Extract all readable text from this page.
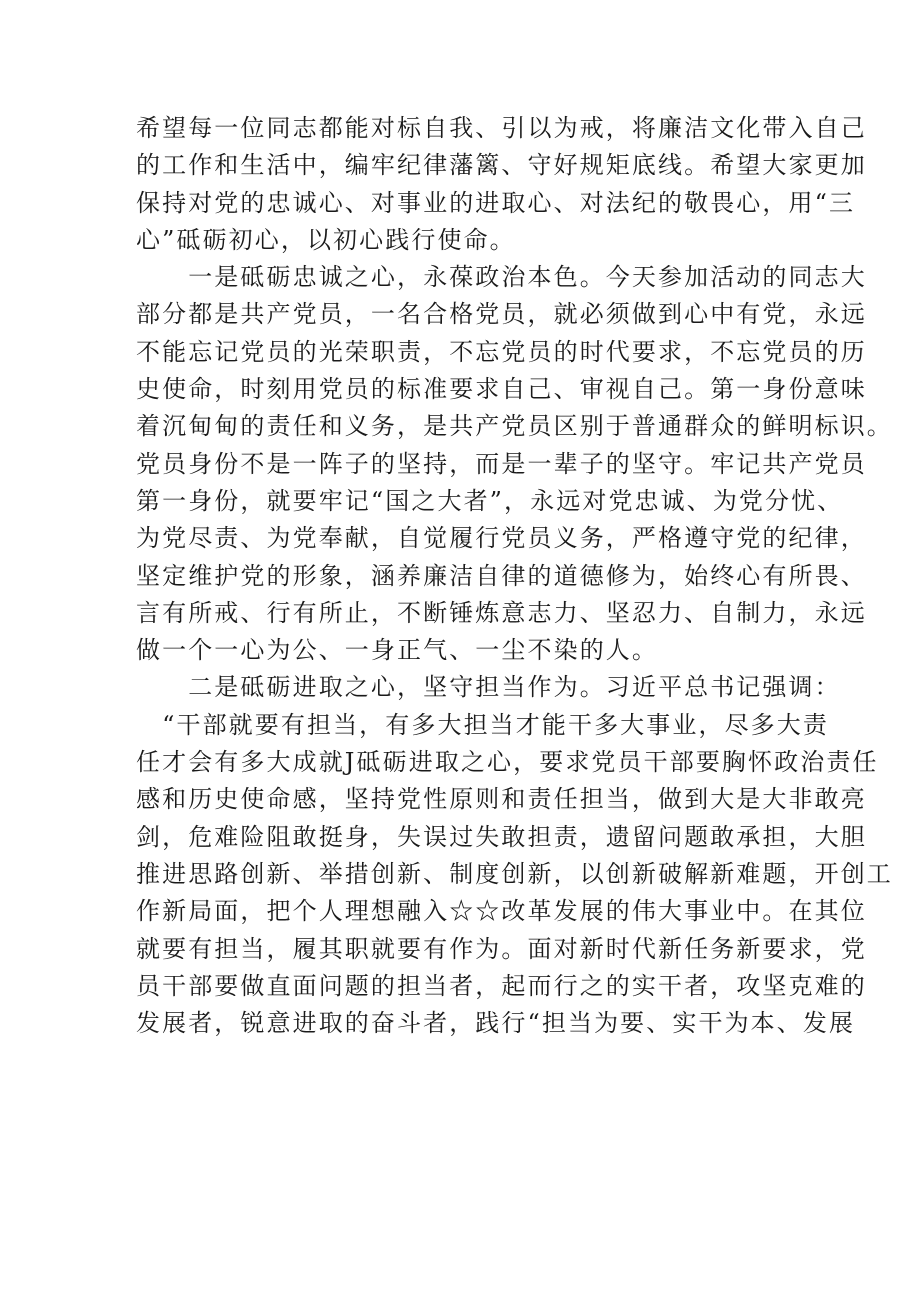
希望每一位同志都能对标自我、引以为戒，将廉洁文化带入自己
的工作和生活中，编牢纪律藩篱、守好规矩底线。希望大家更加
保持对党的忠诚心、对事业的进取心、对法纪的敬畏心，用“三
心”砥砺初心，以初心践行使命。
　　一是砥砺忠诚之心，永葆政治本色。今天参加活动的同志大
部分都是共产党员，一名合格党员，就必须做到心中有党，永远
不能忘记党员的光荣职责，不忘党员的时代要求，不忘党员的历
史使命，时刻用党员的标准要求自己、审视自己。第一身份意味
着沉甸甸的责任和义务，是共产党员区别于普通群众的鲜明标识。
党员身份不是一阵子的坚持，而是一辈子的坚守。牢记共产党员
第一身份，就要牢记“国之大者”，永远对党忠诚、为党分忧、
为党尽责、为党奉献，自觉履行党员义务，严格遵守党的纪律，
坚定维护党的形象，涵养廉洁自律的道德修为，始终心有所畏、
言有所戒、行有所止，不断锤炼意志力、坚忍力、自制力，永远
做一个一心为公、一身正气、一尘不染的人。
　　二是砥砺进取之心，坚守担当作为。习近平总书记强调：
　“干部就要有担当，有多大担当才能干多大事业，尽多大责
任才会有多大成就J砥砺进取之心，要求党员干部要胸怀政治责任
感和历史使命感，坚持党性原则和责任担当，做到大是大非敢亮
剑，危难险阻敢挺身，失误过失敢担责，遗留问题敢承担，大胆
推进思路创新、举措创新、制度创新，以创新破解新难题，开创工
作新局面，把个人理想融入☆☆改革发展的伟大事业中。在其位
就要有担当，履其职就要有作为。面对新时代新任务新要求，党
员干部要做直面问题的担当者，起而行之的实干者，攻坚克难的
发展者，锐意进取的奋斗者，践行“担当为要、实干为本、发展
